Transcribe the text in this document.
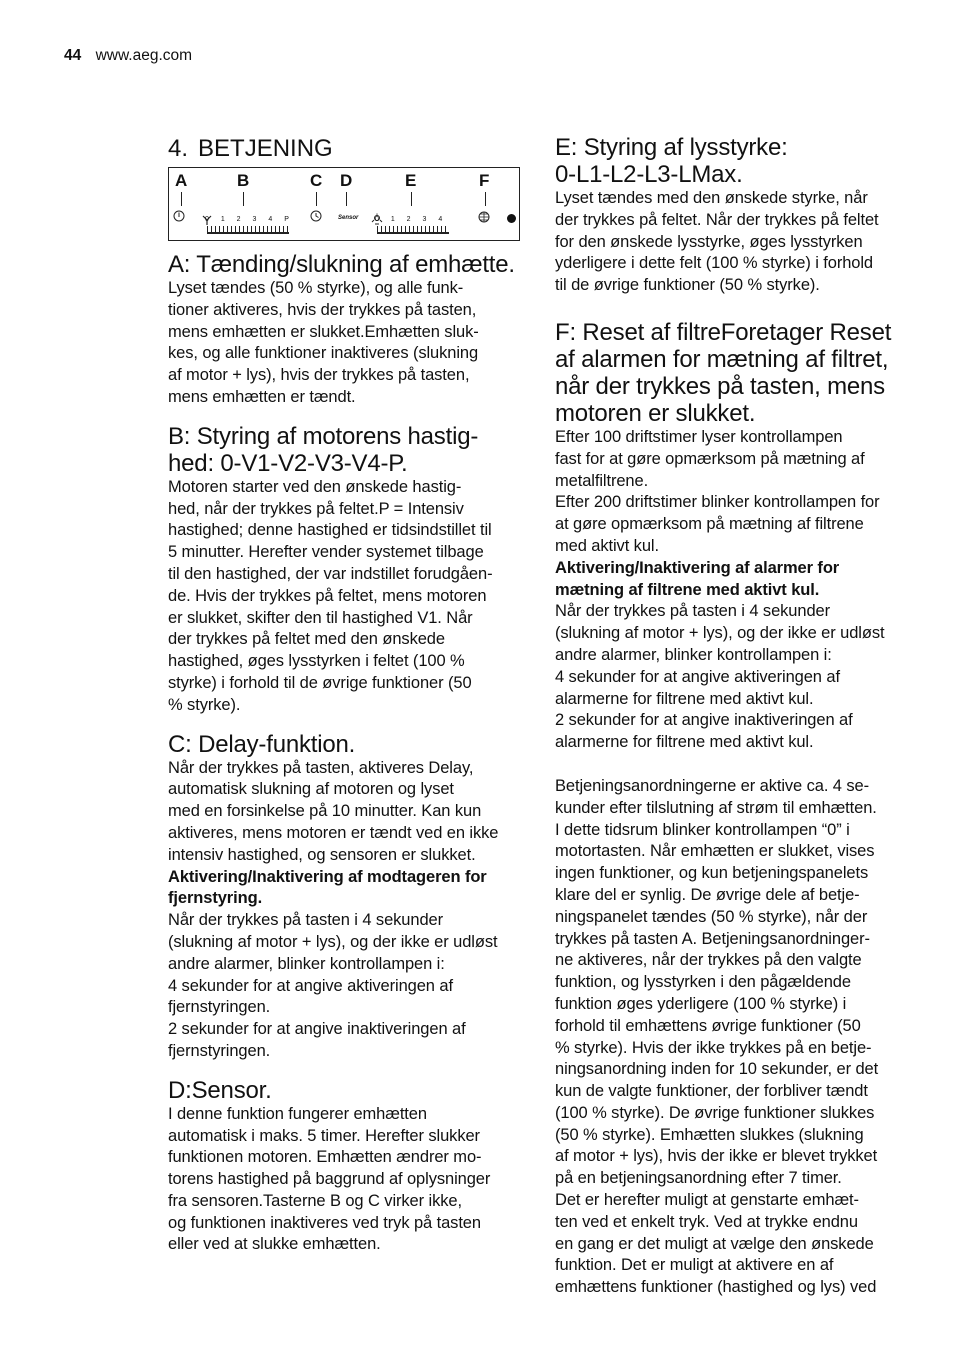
44 www.aeg.com
4. BETJENING
A	B	C D	E	F
0 1 2 3 4 P	Sensor 0 1 2 3 4
A: Tænding/slukning af emhætte.

Lyset tændes (50 % styrke), og alle funk-

tioner aktiveres, hvis der trykkes på tasten,

mens emhætten er slukket.Emhætten sluk-

kes, og alle funktioner inaktiveres (slukning

af motor + lys), hvis der trykkes på tasten,

mens emhætten er tændt.

B: Styring af motorens hastig-
hed: 0-V1-V2-V3-V4-P.

Motoren starter ved den ønskede hastig-

hed, når der trykkes på feltet.P = Intensiv

hastighed; denne hastighed er tidsindstillet til

5 minutter. Herefter vender systemet tilbage

til den hastighed, der var indstillet forudgåen-

de. Hvis der trykkes på feltet, mens motoren

er slukket, skifter den til hastighed V1. Når

der trykkes på feltet med den ønskede

hastighed, øges lysstyrken i feltet (100 %

styrke) i forhold til de øvrige funktioner (50

% styrke).

C: Delay-funktion.

Når der trykkes på tasten, aktiveres Delay,

automatisk slukning af motoren og lyset

med en forsinkelse på 10 minutter. Kan kun

aktiveres, mens motoren er tændt ved en ikke

intensiv hastighed, og sensoren er slukket.

Aktivering/Inaktivering af modtageren for

fjernstyring.

Når der trykkes på tasten i 4 sekunder

(slukning af motor + lys), og der ikke er udløst

andre alarmer, blinker kontrollampen i:

4 sekunder for at angive aktiveringen af

fjernstyringen.

2 sekunder for at angive inaktiveringen af

fjernstyringen.

D:Sensor.

I denne funktion fungerer emhætten

automatisk i maks. 5 timer. Herefter slukker

funktionen motoren. Emhætten ændrer mo-

torens hastighed på baggrund af oplysninger

fra sensoren.Tasterne B og C virker ikke,

og funktionen inaktiveres ved tryk på tasten

eller ved at slukke emhætten.

E: Styring af lysstyrke:
0-L1-L2-L3-LMax.

Lyset tændes med den ønskede styrke, når

der trykkes på feltet. Når der trykkes på feltet

for den ønskede lysstyrke, øges lysstyrken

yderligere i dette felt (100 % styrke) i forhold

til de øvrige funktioner (50 % styrke).

F: Reset af filtreForetager Reset
af alarmen for mætning af filtret,
når der trykkes på tasten, mens
motoren er slukket.

Efter 100 driftstimer lyser kontrollampen

fast for at gøre opmærksom på mætning af

metalfiltrene.

Efter 200 driftstimer blinker kontrollampen for

at gøre opmærksom på mætning af filtrene

med aktivt kul.

Aktivering/Inaktivering af alarmer for

mætning af filtrene med aktivt kul.

Når der trykkes på tasten i 4 sekunder

(slukning af motor + lys), og der ikke er udløst

andre alarmer, blinker kontrollampen i:

4 sekunder for at angive aktiveringen af

alarmerne for filtrene med aktivt kul.

2 sekunder for at angive inaktiveringen af

alarmerne for filtrene med aktivt kul.

Betjeningsanordningerne er aktive ca. 4 se-

kunder efter tilslutning af strøm til emhætten.

I dette tidsrum blinker kontrollampen “0” i

motortasten. Når emhætten er slukket, vises

ingen funktioner, og kun betjeningspanelets

klare del er synlig. De øvrige dele af betje-

ningspanelet tændes (50 % styrke), når der

trykkes på tasten A. Betjeningsanordninger-

ne aktiveres, når der trykkes på den valgte

funktion, og lysstyrken i den pågældende

funktion øges yderligere (100 % styrke) i

forhold til emhættens øvrige funktioner (50

% styrke). Hvis der ikke trykkes på en betje-

ningsanordning inden for 10 sekunder, er det

kun de valgte funktioner, der forbliver tændt

(100 % styrke). De øvrige funktioner slukkes

(50 % styrke). Emhætten slukkes (slukning

af motor + lys), hvis der ikke er blevet trykket

på en betjeningsanordning efter 7 timer.

Det er herefter muligt at genstarte emhæt-

ten ved et enkelt tryk. Ved at trykke endnu

en gang er det muligt at vælge den ønskede

funktion. Det er muligt at aktivere en af

emhættens funktioner (hastighed og lys) ved
